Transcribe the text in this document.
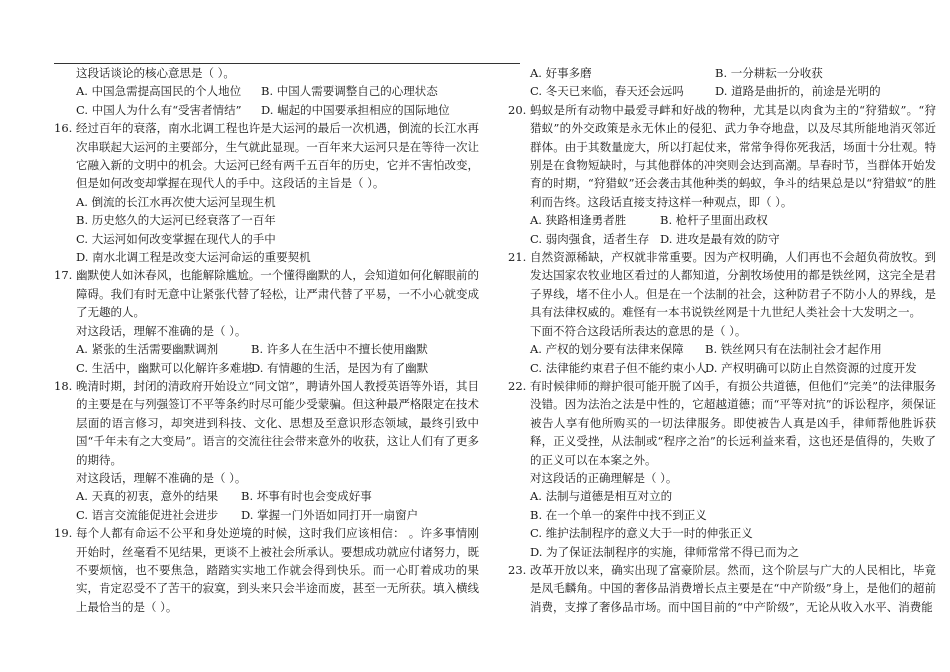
这段话谈论的核心意思是（ ）。
A. 中国急需提高国民的个人地位 B. 中国人需要调整自己的心理状态
C. 中国人为什么有“受害者情结” D. 崛起的中国要承担相应的国际地位
16. 经过百年的衰落，南水北调工程也许是大运河的最后一次机遇，倒流的长江水再次串联起大运河的主要部分，生气就此显现。一百年来大运河只是在等待一次让它融入新的文明中的机会。大运河已经有两千五百年的历史，它并不害怕改变，但是如何改变却掌握在现代人的手中。这段话的主旨是（ ）。
A. 倒流的长江水再次使大运河呈现生机
B. 历史悠久的大运河已经衰落了一百年
C. 大运河如何改变掌握在现代人的手中
D. 南水北调工程是改变大运河命运的重要契机
17. 幽默使人如沐春风，也能解除尴尬。一个懂得幽默的人，会知道如何化解眼前的障碍。我们有时无意中让紧张代替了轻松，让严肃代替了平易，一不小心就变成了无趣的人。
对这段话，理解不准确的是（ ）。
A. 紧张的生活需要幽默调剂	B. 许多人在生活中不擅长使用幽默
C. 生活中，幽默可以化解许多难堪D. 有情趣的生活，是因为有了幽默
18. 晚清时期，封闭的清政府开始设立“同文馆”，聘请外国人教授英语等外语，其目的主要是在与列强签订不平等条约时尽可能少受蒙骗。但这种最严格限定在技术层面的语言修习，却突进到科技、文化、思想及至意识形态领域，最终引致中国“千年未有之大变局”。语言的交流往往会带来意外的收获，这让人们有了更多的期待。
对这段话，理解不准确的是（ ）。
A. 天真的初衷，意外的结果 B. 坏事有时也会变成好事
C. 语言交流能促进社会进步 D. 掌握一门外语如同打开一扇窗户
19. 每个人都有命运不公平和身处逆境的时候，这时我们应该相信： 。许多事情刚开始时，丝毫看不见结果，更谈不上被社会所承认。要想成功就应付诸努力，既不要烦恼，也不要焦急，踏踏实实地工作就会得到快乐。而一心盯着成功的果实，肯定忍受不了苦干的寂寞，到头来只会半途而废，甚至一无所获。填入横线上最恰当的是（ ）。
A. 好事多磨	B. 一分耕耘一分收获
C. 冬天已来临，春天还会远吗	D. 道路是曲折的，前途是光明的
20. 蚂蚁是所有动物中最爱寻衅和好战的物种，尤其是以肉食为主的“狩猎蚁”。“狩猎蚁”的外交政策是永无休止的侵犯、武力争夺地盘，以及尽其所能地消灭邻近群体。由于其数量庞大，所以打起仗来，常常争得你死我活，场面十分壮观。特别是在食物短缺时，与其他群体的冲突则会达到高潮。旱春时节，当群体开始发育的时期，“狩猎蚁”还会袭击其他种类的蚂蚁，争斗的结果总是以“狩猎蚁”的胜利而告终。这段话直接支持这样一种观点，即（ ）。
A. 狭路相逢勇者胜	B. 枪杆子里面出政权
C. 弱肉强食，适者生存 D. 进攻是最有效的防守
21. 自然资源稀缺，产权就非常重要。因为产权明确，人们再也不会超负荷放牧。到发达国家农牧业地区看过的人都知道，分割牧场使用的都是铁丝网，这完全是君子界线，堵不住小人。但是在一个法制的社会，这种防君子不防小人的界线，是具有法律权威的。难怪有一本书说铁丝网是十九世纪人类社会十大发明之一。
下面不符合这段话所表达的意思的是（ ）。
A. 产权的划分要有法律来保障 B. 铁丝网只有在法制社会才起作用
C. 法律能约束君子但不能约束小人D. 产权明确可以防止自然资源的过度开发
22. 有时候律师的辩护很可能开脱了凶手，有损公共道德，但他们“完美”的法律服务没错。因为法治之法是中性的，它超越道德；而“平等对抗”的诉讼程序，须保证被告人享有他所购买的一切法律服务。即使被告人真是凶手，律师帮他胜诉获释，正义受挫，从法制或“程序之治”的长远利益来看，这也还是值得的，失败了的正义可以在本案之外。
对这段话的正确理解是（ ）。
A. 法制与道德是相互对立的
B. 在一个单一的案件中找不到正义
C. 维护法制程序的意义大于一时的伸张正义
D. 为了保证法制程序的实施，律师常常不得已而为之
23. 改革开放以来，确实出现了富豪阶层。然而，这个阶层与广大的人民相比，毕竟是凤毛麟角。中国的奢侈品消费增长点主要是在“中产阶级”身上，是他们的超前消费，支撑了奢侈品市场。而中国目前的“中产阶级”，无论从收入水平、消费能
